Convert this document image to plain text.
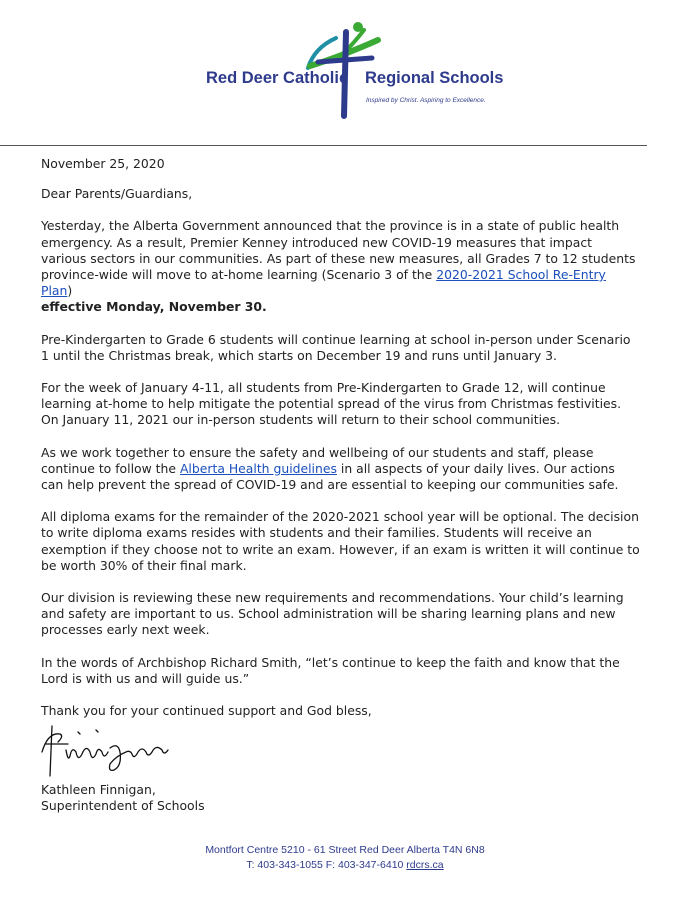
Red Deer Catholic Regional Schools
Inspired by Christ. Aspiring to Excellence.

November 25, 2020

Dear Parents/Guardians,

Yesterday, the Alberta Government announced that the province is in a state of public health emergency. As a result, Premier Kenney introduced new COVID-19 measures that impact various sectors in our communities. As part of these new measures, all Grades 7 to 12 students province-wide will move to at-home learning (Scenario 3 of the 2020-2021 School Re-Entry Plan)
effective Monday, November 30.

Pre-Kindergarten to Grade 6 students will continue learning at school in-person under Scenario 1 until the Christmas break, which starts on December 19 and runs until January 3.

For the week of January 4-11, all students from Pre-Kindergarten to Grade 12, will continue learning at-home to help mitigate the potential spread of the virus from Christmas festivities. On January 11, 2021 our in-person students will return to their school communities.

As we work together to ensure the safety and wellbeing of our students and staff, please continue to follow the Alberta Health guidelines in all aspects of your daily lives. Our actions can help prevent the spread of COVID-19 and are essential to keeping our communities safe.

All diploma exams for the remainder of the 2020-2021 school year will be optional. The decision to write diploma exams resides with students and their families. Students will receive an exemption if they choose not to write an exam. However, if an exam is written it will continue to be worth 30% of their final mark.

Our division is reviewing these new requirements and recommendations. Your child’s learning and safety are important to us. School administration will be sharing learning plans and new processes early next week.

In the words of Archbishop Richard Smith, “let’s continue to keep the faith and know that the Lord is with us and will guide us.”

Thank you for your continued support and God bless,

Kathleen Finnigan,
Superintendent of Schools
Montfort Centre 5210 - 61 Street Red Deer Alberta T4N 6N8
T: 403-343-1055 F: 403-347-6410 rdcrs.ca
